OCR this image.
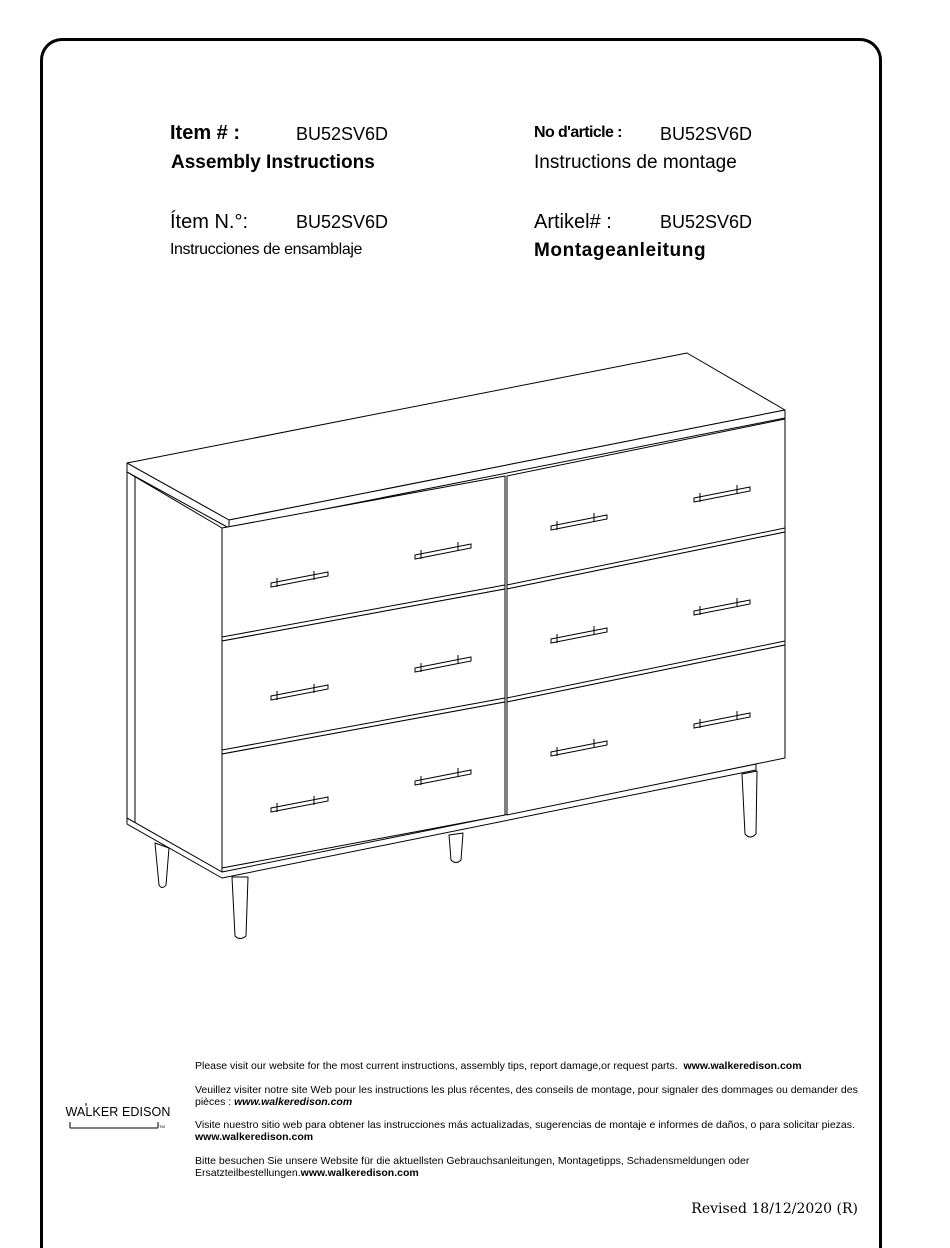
Item # :	BU52SV6D
Assembly Instructions
No d'article : BU52SV6D
Instructions de montage
Ítem N.°:	BU52SV6D
Instrucciones de ensamblaje
Artikel# :	BU52SV6D
Montageanleitung
Please visit our website for the most current instructions, assembly tips, report damage,or request parts. www.walkeredison.com
Veuillez visiter notre site Web pour les instructions les plus récentes, des conseils de montage, pour signaler des dommages ou demander des pièces : www.walkeredison.com
Visite nuestro sitio web para obtener las instrucciones más actualizadas, sugerencias de montaje e informes de daños, o para solicitar piezas. www.walkeredison.com
Bitte besuchen Sie unsere Website für die aktuellsten Gebrauchsanleitungen, Montagetipps, Schadensmeldungen oder Ersatzteilbestellungen.www.walkeredison.com
WALKER EDISON
TM
Revised 18/12/2020 (R)
